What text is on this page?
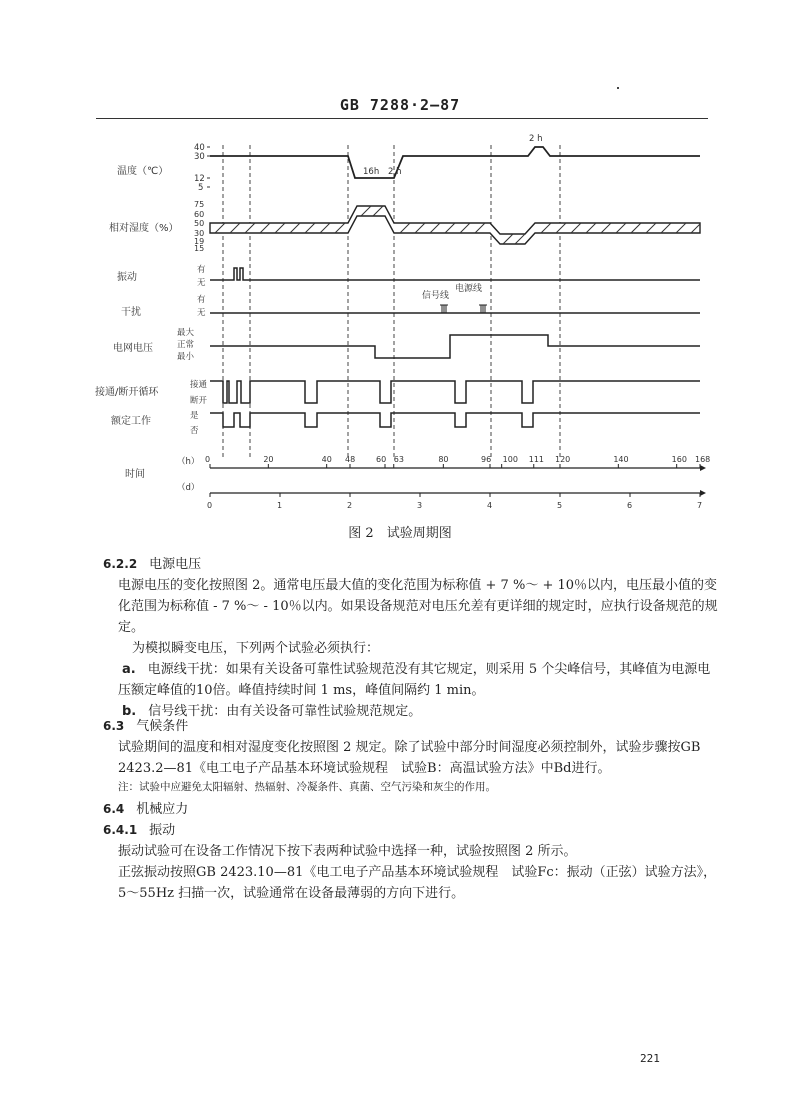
GB 7288·2—87
温度（℃）
40
30
12
5
2 h
16h 2 h
相对湿度（%）
75
60
50
30
19
15
振动
有
无
干扰
有
无
信号线
电源线
电网电压
最大
正常
最小
接通/断开循环
接通
断开
额定工作	是
否
时间
（h）
（d）
0	20	40 48	60 63	80	96 100 111 120	140	160 168
0	1	2	3	4	5	6	7
图 2　试验周期图
6.2.2 电源电压
电源电压的变化按照图 2。通常电压最大值的变化范围为标称值 + 7 %～ + 10％以内，电压最小值的变化范围为标称值 - 7 %～ - 10％以内。如果设备规范对电压允差有更详细的规定时，应执行设备规范的规定。
为模拟瞬变电压，下列两个试验必须执行：
a. 电源线干扰：如果有关设备可靠性试验规范没有其它规定，则采用 5 个尖峰信号，其峰值为电源电压额定峰值的10倍。峰值持续时间 1 ms，峰值间隔约 1 min。
b. 信号线干扰：由有关设备可靠性试验规范规定。
6.3 气候条件
试验期间的温度和相对湿度变化按照图 2 规定。除了试验中部分时间湿度必须控制外，试验步骤按GB 2423.2—81《电工电子产品基本环境试验规程　试验B：高温试验方法》中Bd进行。
注：试验中应避免太阳辐射、热辐射、冷凝条件、真菌、空气污染和灰尘的作用。
6.4 机械应力
6.4.1 振动
振动试验可在设备工作情况下按下表两种试验中选择一种，试验按照图 2 所示。
正弦振动按照GB 2423.10—81《电工电子产品基本环境试验规程　试验Fc：振动（正弦）试验方法》，5～55Hz 扫描一次，试验通常在设备最薄弱的方向下进行。
221
